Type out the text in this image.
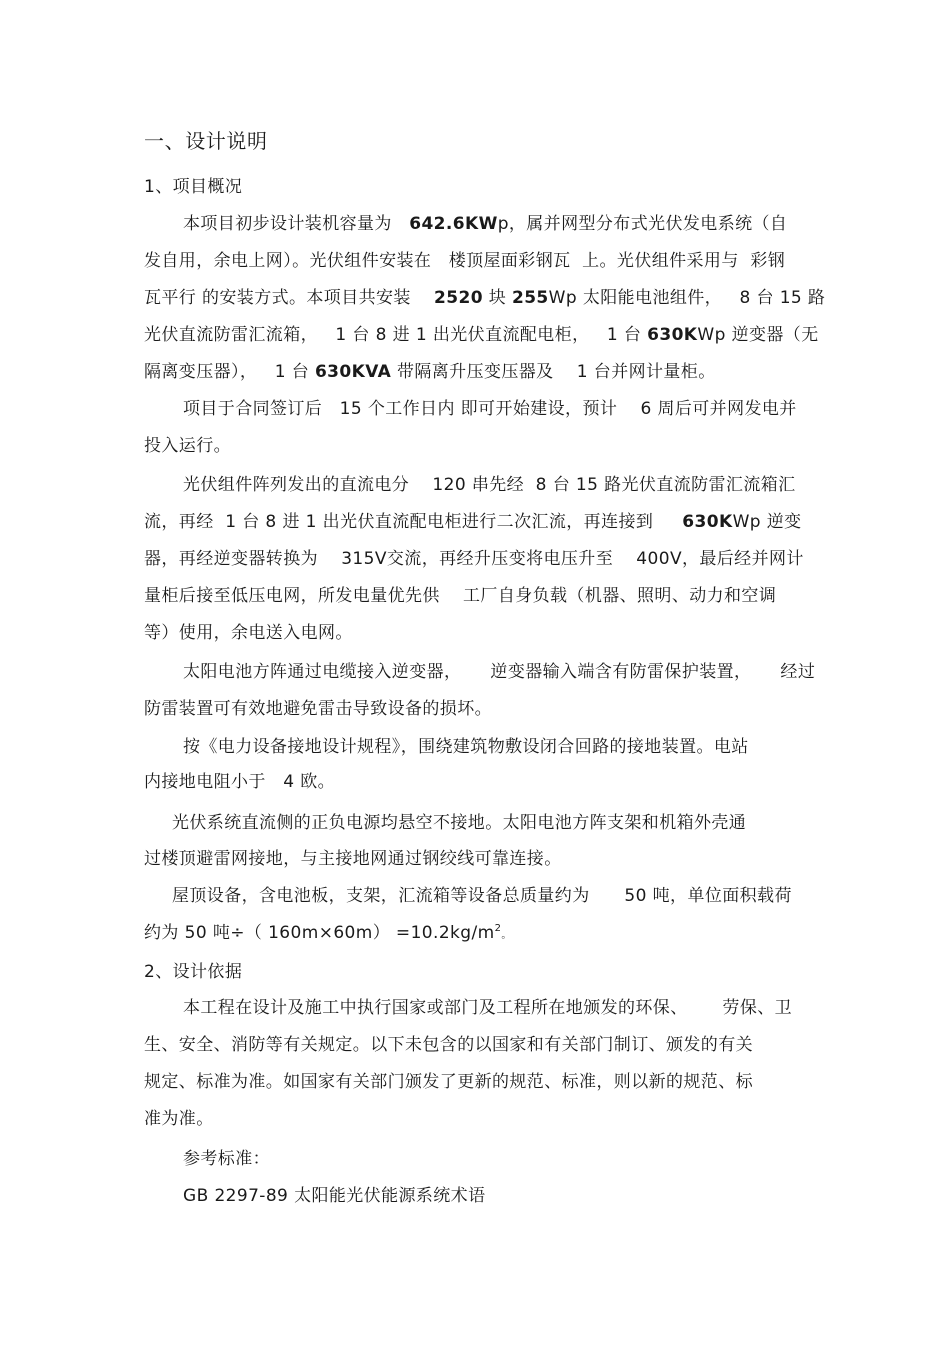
一、设计说明
1、项目概况
本项目初步设计装机容量为   642.6KWp，属并网型分布式光伏发电系统（自
发自用，余电上网）。光伏组件安装在   楼顶屋面彩钢瓦  上。光伏组件采用与  彩钢
瓦平行 的安装方式。本项目共安装    2520 块 255Wp 太阳能电池组件，   8 台 15 路
光伏直流防雷汇流箱，   1 台 8 进 1 出光伏直流配电柜，   1 台 630KWp 逆变器（无
隔离变压器），   1 台 630KVA 带隔离升压变压器及    1 台并网计量柜。
项目于合同签订后   15 个工作日内 即可开始建设，预计    6 周后可并网发电并
投入运行。
光伏组件阵列发出的直流电分    120 串先经  8 台 15 路光伏直流防雷汇流箱汇
流，再经  1 台 8 进 1 出光伏直流配电柜进行二次汇流，再连接到     630KWp 逆变
器，再经逆变器转换为    315V交流，再经升压变将电压升至    400V，最后经并网计
量柜后接至低压电网，所发电量优先供    工厂自身负载（机器、照明、动力和空调
等）使用，余电送入电网。
太阳电池方阵通过电缆接入逆变器，     逆变器输入端含有防雷保护装置，     经过
防雷装置可有效地避免雷击导致设备的损坏。
按《电力设备接地设计规程》，围绕建筑物敷设闭合回路的接地装置。电站
内接地电阻小于   4 欧。
光伏系统直流侧的正负电源均悬空不接地。太阳电池方阵支架和机箱外壳通
过楼顶避雷网接地，与主接地网通过钢绞线可靠连接。
屋顶设备，含电池板，支架，汇流箱等设备总质量约为      50 吨，单位面积载荷
约为 50 吨÷（ $160m\times 60m) =10.2kg/m^2$。
2、设计依据
本工程在设计及施工中执行国家或部门及工程所在地颁发的环保、      劳保、卫
生、安全、消防等有关规定。以下未包含的以国家和有关部门制订、颁发的有关
规定、标准为准。如国家有关部门颁发了更新的规范、标准，则以新的规范、标
准为准。
参考标准：
GB 2297-89 太阳能光伏能源系统术语
